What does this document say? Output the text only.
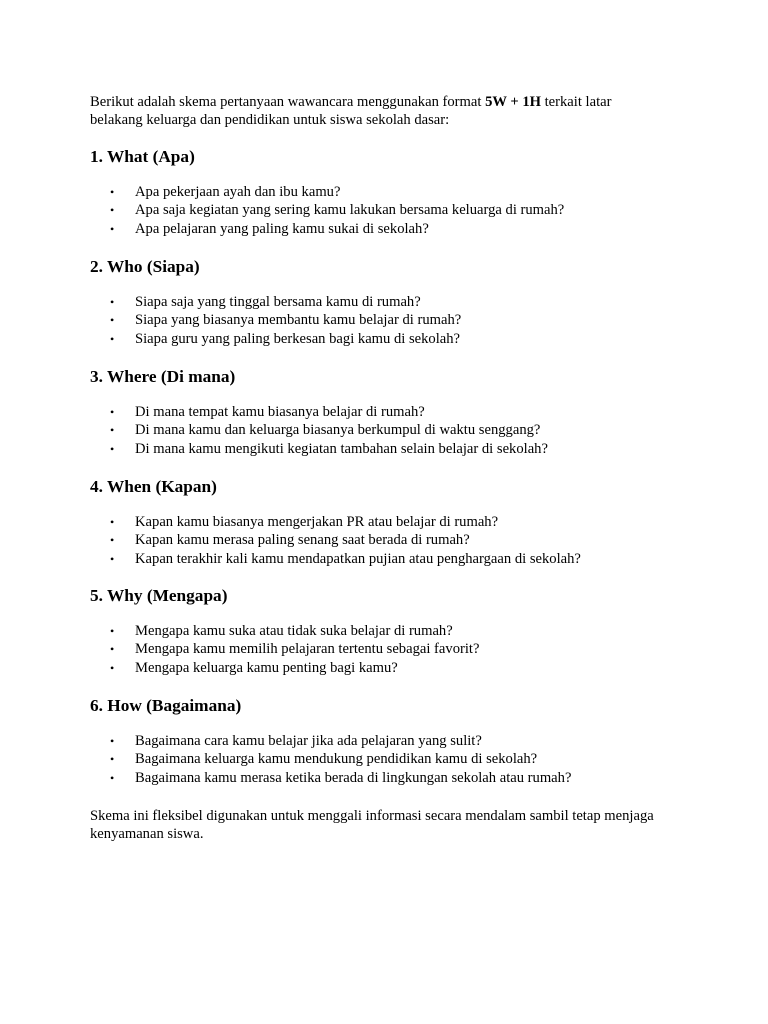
Berikut adalah skema pertanyaan wawancara menggunakan format 5W + 1H terkait latar belakang keluarga dan pendidikan untuk siswa sekolah dasar:

1. What (Apa)
• Apa pekerjaan ayah dan ibu kamu?
• Apa saja kegiatan yang sering kamu lakukan bersama keluarga di rumah?
• Apa pelajaran yang paling kamu sukai di sekolah?
2. Who (Siapa)
• Siapa saja yang tinggal bersama kamu di rumah?
• Siapa yang biasanya membantu kamu belajar di rumah?
• Siapa guru yang paling berkesan bagi kamu di sekolah?
3. Where (Di mana)
• Di mana tempat kamu biasanya belajar di rumah?
• Di mana kamu dan keluarga biasanya berkumpul di waktu senggang?
• Di mana kamu mengikuti kegiatan tambahan selain belajar di sekolah?
4. When (Kapan)
• Kapan kamu biasanya mengerjakan PR atau belajar di rumah?
• Kapan kamu merasa paling senang saat berada di rumah?
• Kapan terakhir kali kamu mendapatkan pujian atau penghargaan di sekolah?
5. Why (Mengapa)
• Mengapa kamu suka atau tidak suka belajar di rumah?
• Mengapa kamu memilih pelajaran tertentu sebagai favorit?
• Mengapa keluarga kamu penting bagi kamu?
6. How (Bagaimana)
• Bagaimana cara kamu belajar jika ada pelajaran yang sulit?
• Bagaimana keluarga kamu mendukung pendidikan kamu di sekolah?
• Bagaimana kamu merasa ketika berada di lingkungan sekolah atau rumah?

Skema ini fleksibel digunakan untuk menggali informasi secara mendalam sambil tetap menjaga kenyamanan siswa.
